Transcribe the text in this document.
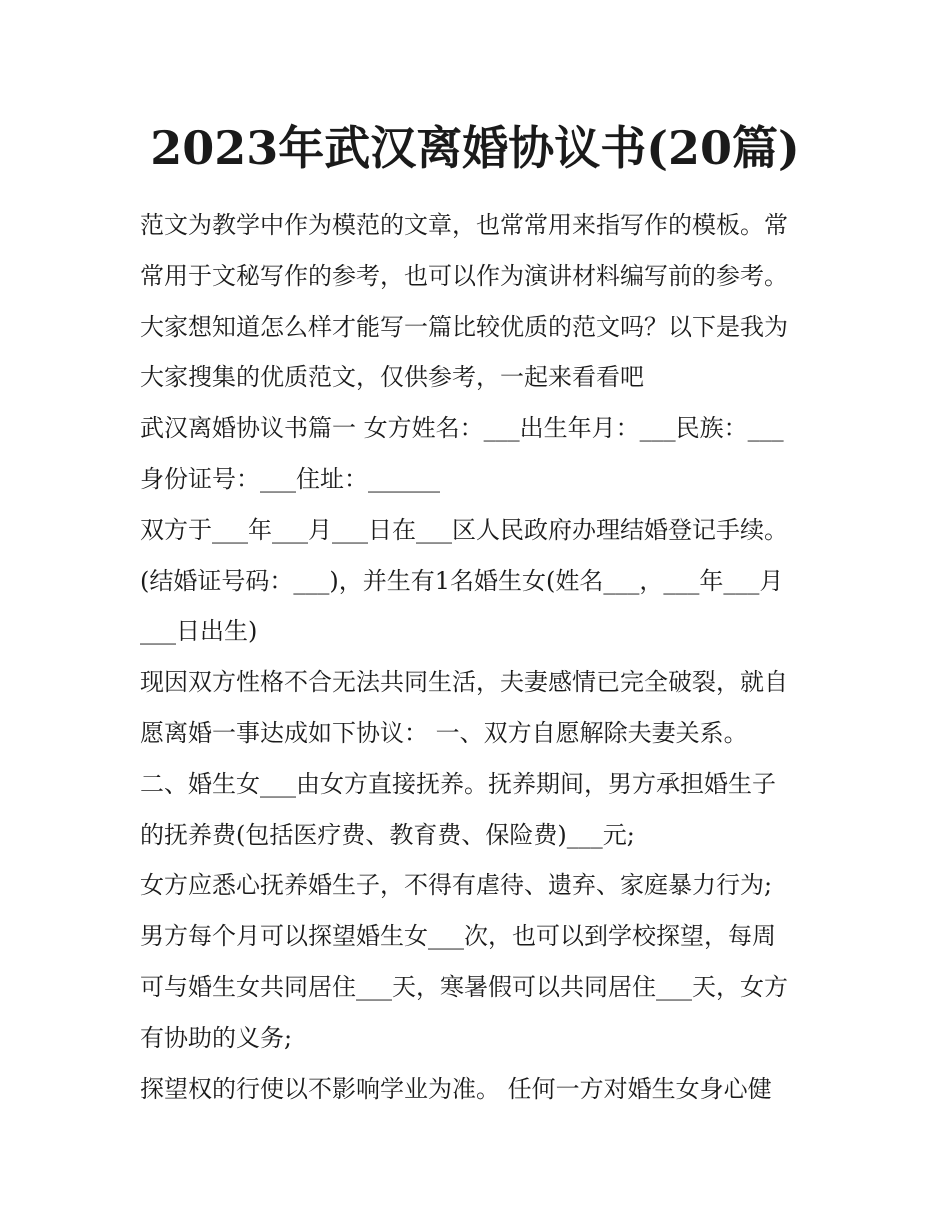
2023年武汉离婚协议书(20篇)
范文为教学中作为模范的文章，也常常用来指写作的模板。常
常用于文秘写作的参考，也可以作为演讲材料编写前的参考。
大家想知道怎么样才能写一篇比较优质的范文吗？以下是我为
大家搜集的优质范文，仅供参考，一起来看看吧
武汉离婚协议书篇一 女方姓名：___出生年月：___民族：___
身份证号：___住址：______
双方于___年___月___日在___区人民政府办理结婚登记手续。
(结婚证号码：___)，并生有1名婚生女(姓名___，___年___月
___日出生)
现因双方性格不合无法共同生活，夫妻感情已完全破裂，就自
愿离婚一事达成如下协议： 一、双方自愿解除夫妻关系。
二、婚生女___由女方直接抚养。抚养期间，男方承担婚生子
的抚养费(包括医疗费、教育费、保险费)___元;
女方应悉心抚养婚生子，不得有虐待、遗弃、家庭暴力行为;
男方每个月可以探望婚生女___次，也可以到学校探望，每周
可与婚生女共同居住___天，寒暑假可以共同居住___天，女方
有协助的义务;
探望权的行使以不影响学业为准。 任何一方对婚生女身心健
